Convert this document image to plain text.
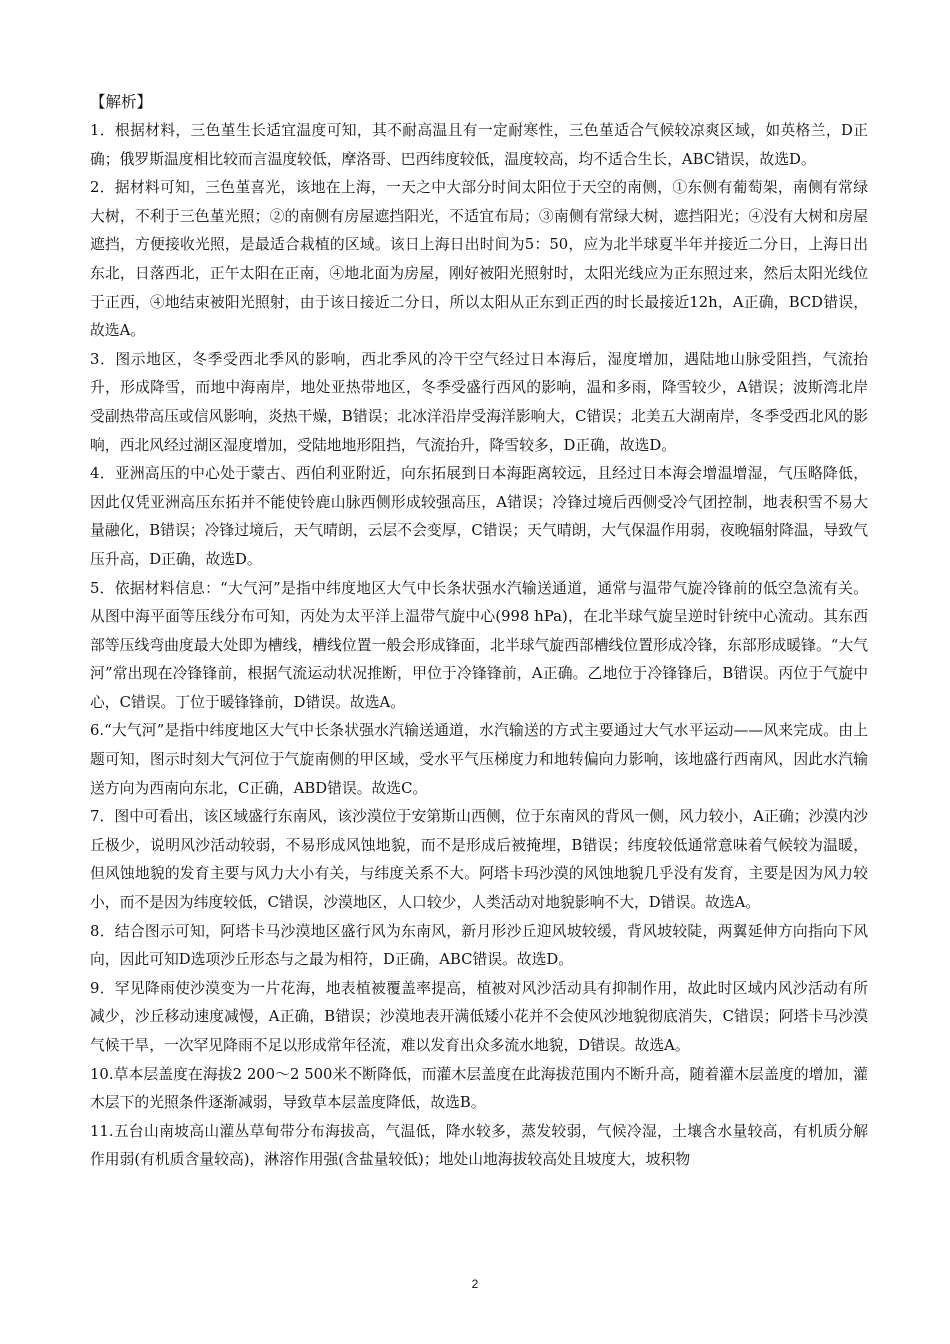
【解析】

1．根据材料，三色堇生长适宜温度可知，其不耐高温且有一定耐寒性，三色堇适合气候较凉爽区域，如英格兰，D正确；俄罗斯温度相比较而言温度较低，摩洛哥、巴西纬度较低，温度较高，均不适合生长，ABC错误，故选D。

2．据材料可知，三色堇喜光，该地在上海，一天之中大部分时间太阳位于天空的南侧，①东侧有葡萄架，南侧有常绿大树，不利于三色堇光照；②的南侧有房屋遮挡阳光，不适宜布局；③南侧有常绿大树，遮挡阳光；④没有大树和房屋遮挡，方便接收光照，是最适合栽植的区域。该日上海日出时间为5：50，应为北半球夏半年并接近二分日，上海日出东北，日落西北，正午太阳在正南，④地北面为房屋，刚好被阳光照射时，太阳光线应为正东照过来，然后太阳光线位于正西，④地结束被阳光照射，由于该日接近二分日，所以太阳从正东到正西的时长最接近12h，A正确，BCD错误，故选A。

3．图示地区，冬季受西北季风的影响，西北季风的冷干空气经过日本海后，湿度增加，遇陆地山脉受阻挡，气流抬升，形成降雪，而地中海南岸，地处亚热带地区，冬季受盛行西风的影响，温和多雨，降雪较少，A错误；波斯湾北岸受副热带高压或信风影响，炎热干燥，B错误；北冰洋沿岸受海洋影响大，C错误；北美五大湖南岸，冬季受西北风的影响，西北风经过湖区湿度增加，受陆地地形阻挡，气流抬升，降雪较多，D正确，故选D。

4．亚洲高压的中心处于蒙古、西伯利亚附近，向东拓展到日本海距离较远，且经过日本海会增温增湿，气压略降低，因此仅凭亚洲高压东拓并不能使铃鹿山脉西侧形成较强高压，A错误；冷锋过境后西侧受冷气团控制，地表积雪不易大量融化，B错误；冷锋过境后，天气晴朗，云层不会变厚，C错误；天气晴朗，大气保温作用弱，夜晚辐射降温，导致气压升高，D正确，故选D。

5．依据材料信息：“大气河”是指中纬度地区大气中长条状强水汽输送通道，通常与温带气旋冷锋前的低空急流有关。从图中海平面等压线分布可知，丙处为太平洋上温带气旋中心(998 hPa)，在北半球气旋呈逆时针统中心流动。其东西部等压线弯曲度最大处即为槽线，槽线位置一般会形成锋面，北半球气旋西部槽线位置形成冷锋，东部形成暖锋。“大气河”常出现在冷锋锋前，根据气流运动状况推断，甲位于冷锋锋前，A正确。乙地位于冷锋锋后，B错误。丙位于气旋中心，C错误。丁位于暖锋锋前，D错误。故选A。

6.“大气河”是指中纬度地区大气中长条状强水汽输送通道，水汽输送的方式主要通过大气水平运动——风来完成。由上题可知，图示时刻大气河位于气旋南侧的甲区域，受水平气压梯度力和地转偏向力影响，该地盛行西南风，因此水汽输送方向为西南向东北，C正确，ABD错误。故选C。

7．图中可看出，该区域盛行东南风，该沙漠位于安第斯山西侧，位于东南风的背风一侧，风力较小，A正确；沙漠内沙丘极少，说明风沙活动较弱，不易形成风蚀地貌，而不是形成后被掩埋，B错误；纬度较低通常意味着气候较为温暖，但风蚀地貌的发育主要与风力大小有关，与纬度关系不大。阿塔卡玛沙漠的风蚀地貌几乎没有发育，主要是因为风力较小，而不是因为纬度较低，C错误，沙漠地区，人口较少，人类活动对地貌影响不大，D错误。故选A。

8．结合图示可知，阿塔卡马沙漠地区盛行风为东南风，新月形沙丘迎风坡较缓，背风坡较陡，两翼延伸方向指向下风向，因此可知D选项沙丘形态与之最为相符，D正确，ABC错误。故选D。

9．罕见降雨使沙漠变为一片花海，地表植被覆盖率提高，植被对风沙活动具有抑制作用，故此时区域内风沙活动有所减少，沙丘移动速度减慢，A正确，B错误；沙漠地表开满低矮小花并不会使风沙地貌彻底消失，C错误；阿塔卡马沙漠气候干旱，一次罕见降雨不足以形成常年径流，难以发育出众多流水地貌，D错误。故选A。

10.草本层盖度在海拔2 200～2 500米不断降低，而灌木层盖度在此海拔范围内不断升高，随着灌木层盖度的增加，灌木层下的光照条件逐渐减弱，导致草本层盖度降低，故选B。

11.五台山南坡高山灌丛草甸带分布海拔高，气温低，降水较多，蒸发较弱，气候冷湿，土壤含水量较高，有机质分解作用弱(有机质含量较高)，淋溶作用强(含盐量较低)；地处山地海拔较高处且坡度大，坡积物

2
